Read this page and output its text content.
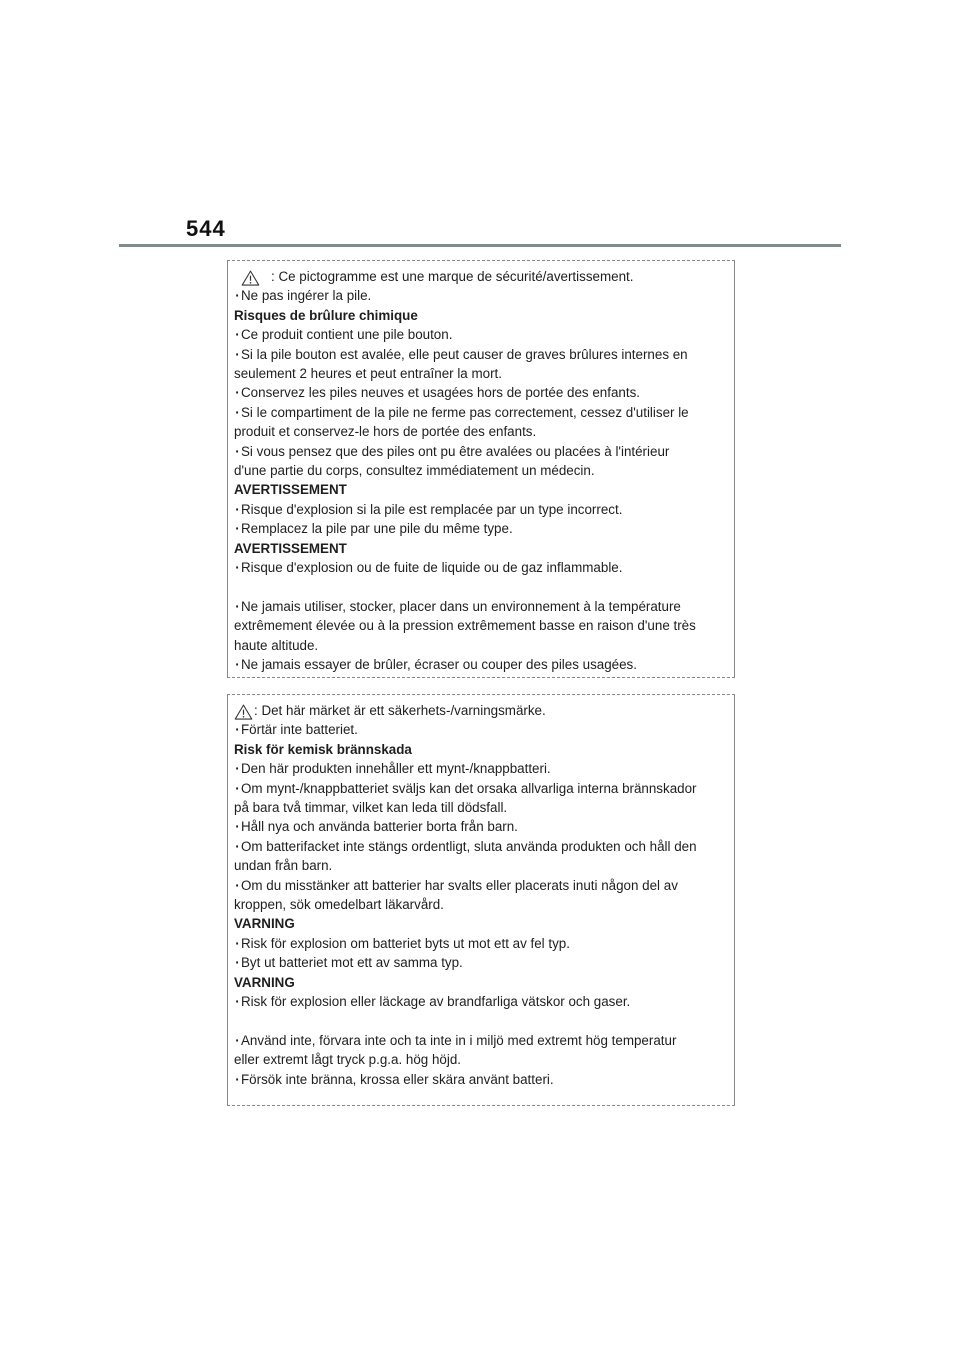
544
: Ce pictogramme est une marque de sécurité/avertissement.
· Ne pas ingérer la pile.
Risques de brûlure chimique
· Ce produit contient une pile bouton.
· Si la pile bouton est avalée, elle peut causer de graves brûlures internes en
seulement 2 heures et peut entraîner la mort.
· Conservez les piles neuves et usagées hors de portée des enfants.
· Si le compartiment de la pile ne ferme pas correctement, cessez d'utiliser le
produit et conservez-le hors de portée des enfants.
· Si vous pensez que des piles ont pu être avalées ou placées à l'intérieur
d'une partie du corps, consultez immédiatement un médecin.
AVERTISSEMENT
· Risque d'explosion si la pile est remplacée par un type incorrect.
· Remplacez la pile par une pile du même type.
AVERTISSEMENT
· Risque d'explosion ou de fuite de liquide ou de gaz inflammable.
· Ne jamais utiliser, stocker, placer dans un environnement à la température
extrêmement élevée ou à la pression extrêmement basse en raison d'une très
haute altitude.
· Ne jamais essayer de brûler, écraser ou couper des piles usagées.
: Det här märket är ett säkerhets-/varningsmärke.
· Förtär inte batteriet.
Risk för kemisk brännskada
· Den här produkten innehåller ett mynt-/knappbatteri.
· Om mynt-/knappbatteriet sväljs kan det orsaka allvarliga interna brännskador
på bara två timmar, vilket kan leda till dödsfall.
· Håll nya och använda batterier borta från barn.
· Om batterifacket inte stängs ordentligt, sluta använda produkten och håll den
undan från barn.
· Om du misstänker att batterier har svalts eller placerats inuti någon del av
kroppen, sök omedelbart läkarvård.
VARNING
· Risk för explosion om batteriet byts ut mot ett av fel typ.
· Byt ut batteriet mot ett av samma typ.
VARNING
· Risk för explosion eller läckage av brandfarliga vätskor och gaser.
· Använd inte, förvara inte och ta inte in i miljö med extremt hög temperatur
eller extremt lågt tryck p.g.a. hög höjd.
· Försök inte bränna, krossa eller skära använt batteri.
